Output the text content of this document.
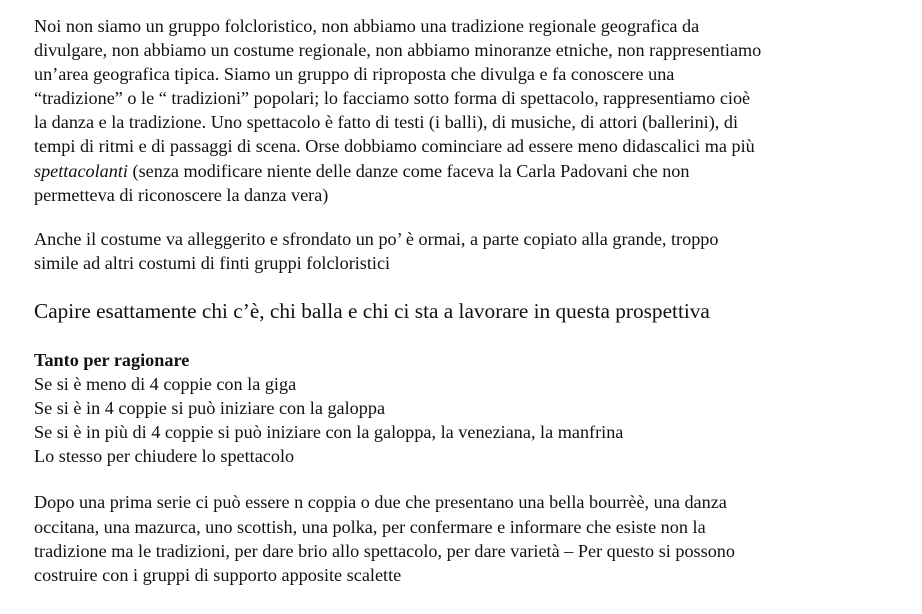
Noi non siamo un gruppo folcloristico, non abbiamo una tradizione regionale geografica da
divulgare, non abbiamo un costume regionale, non abbiamo minoranze etniche, non rappresentiamo
un’area geografica tipica. Siamo un gruppo di riproposta che divulga e fa conoscere una
“tradizione” o le “ tradizioni” popolari; lo facciamo sotto forma di spettacolo, rappresentiamo cioè
la danza e la tradizione. Uno spettacolo è fatto di testi (i balli), di musiche, di attori (ballerini), di
tempi di ritmi e di passaggi di scena. Orse dobbiamo cominciare ad essere meno didascalici ma più
spettacolanti (senza modificare niente delle danze come faceva la Carla Padovani che non
permetteva di riconoscere la danza vera)

Anche il costume va alleggerito e sfrondato un po’ è ormai, a parte copiato alla grande, troppo
simile ad altri costumi di finti gruppi folcloristici

Capire esattamente chi c’è, chi balla e chi ci sta a lavorare in questa prospettiva

Tanto per ragionare
Se si è meno di 4 coppie con la giga
Se si è in 4 coppie si può iniziare con la galoppa
Se si è in più di 4 coppie si può iniziare con la galoppa, la veneziana, la manfrina
Lo stesso per chiudere lo spettacolo

Dopo una prima serie ci può essere n coppia o due che presentano una bella bourrèè, una danza
occitana, una mazurca, uno scottish, una polka, per confermare e informare che esiste non la
tradizione ma le tradizioni, per dare brio allo spettacolo, per dare varietà – Per questo si possono
costruire con i gruppi di supporto apposite scalette
